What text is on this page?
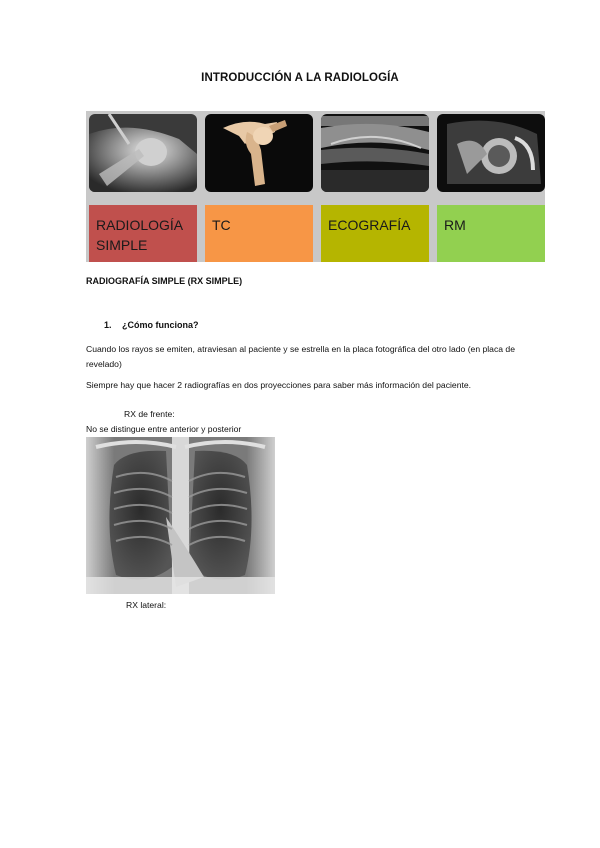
INTRODUCCIÓN A LA RADIOLOGÍA
RADIOLOGÍA SIMPLE
TC	ECOGRAFÍA	RM
RADIOGRAFÍA SIMPLE (RX SIMPLE)
1. ¿Cómo funciona?
Cuando los rayos se emiten, atraviesan al paciente y se estrella en la placa fotográfica del otro lado (en placa de revelado)
Siempre hay que hacer 2 radiografías en dos proyecciones para saber más información del paciente.
RX de frente:
No se distingue entre anterior y posterior
RX lateral:
